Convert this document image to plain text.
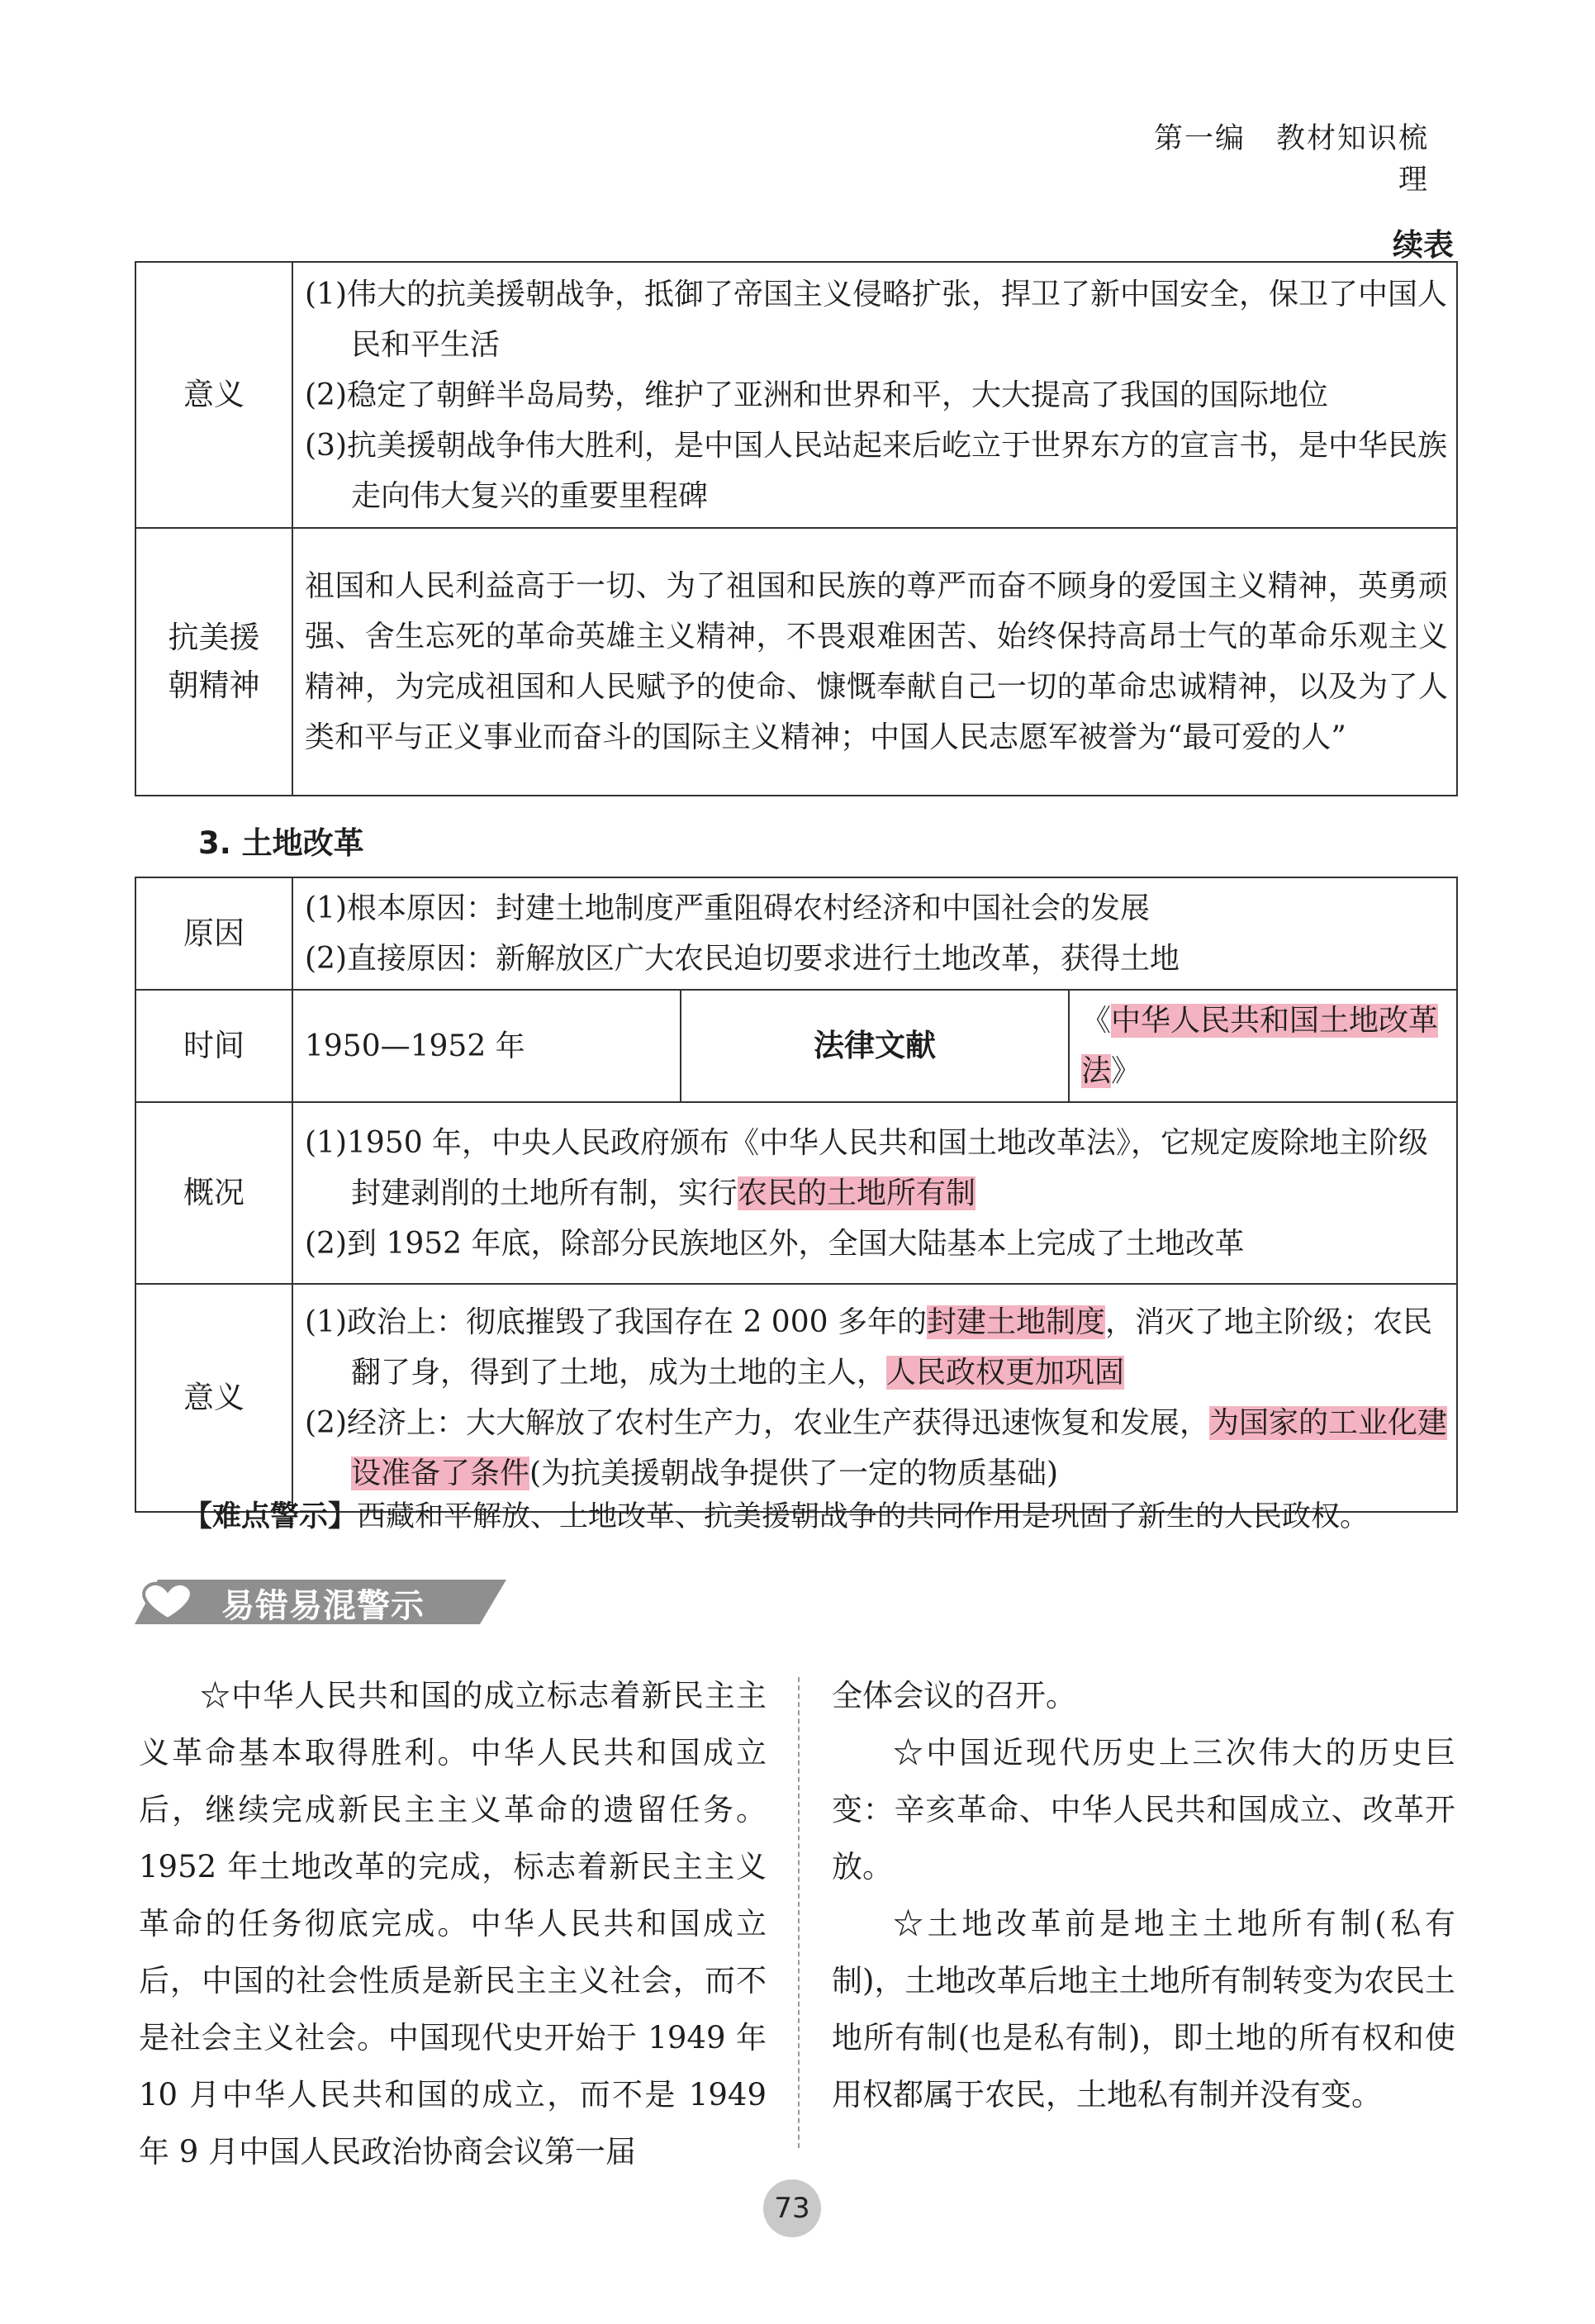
第一编　教材知识梳理
续表
意义	(1)伟大的抗美援朝战争，抵御了帝国主义侵略扩张，捍卫了新中国安全，保卫了中国人民和平生活
(2)稳定了朝鲜半岛局势，维护了亚洲和世界和平，大大提高了我国的国际地位
(3)抗美援朝战争伟大胜利，是中国人民站起来后屹立于世界东方的宣言书，是中华民族走向伟大复兴的重要里程碑

抗美援
朝精神	祖国和人民利益高于一切、为了祖国和民族的尊严而奋不顾身的爱国主义精神，英勇顽强、舍生忘死的革命英雄主义精神，不畏艰难困苦、始终保持高昂士气的革命乐观主义精神，为完成祖国和人民赋予的使命、慷慨奉献自己一切的革命忠诚精神，以及为了人类和平与正义事业而奋斗的国际主义精神；中国人民志愿军被誉为“最可爱的人”
3. 土地改革
原因	(1)根本原因：封建土地制度严重阻碍农村经济和中国社会的发展
(2)直接原因：新解放区广大农民迫切要求进行土地改革，获得土地		

时间	1950—1952 年	法律文献	《中华人民共和国土地改革法》
概况	(1)1950 年，中央人民政府颁布《中华人民共和国土地改革法》，它规定废除地主阶级封建剥削的土地所有制，实行农民的土地所有制
(2)到 1952 年底，除部分民族地区外，全国大陆基本上完成了土地改革		

意义	(1)政治上：彻底摧毁了我国存在 2 000 多年的封建土地制度，消灭了地主阶级；农民翻了身，得到了土地，成为土地的主人，人民政权更加巩固
(2)经济上：大大解放了农村生产力，农业生产获得迅速恢复和发展，为国家的工业化建设准备了条件(为抗美援朝战争提供了一定的物质基础)		
【难点警示】西藏和平解放、土地改革、抗美援朝战争的共同作用是巩固了新生的人民政权。
易错易混警示

☆中华人民共和国的成立标志着新民主主义革命基本取得胜利。中华人民共和国成立后，继续完成新民主主义革命的遗留任务。1952 年土地改革的完成，标志着新民主主义革命的任务彻底完成。中华人民共和国成立后，中国的社会性质是新民主主义社会，而不是社会主义社会。中国现代史开始于 1949 年 10 月中华人民共和国的成立，而不是 1949 年 9 月中国人民政治协商会议第一届

全体会议的召开。

☆中国近现代历史上三次伟大的历史巨变：辛亥革命、中华人民共和国成立、改革开放。

☆土地改革前是地主土地所有制(私有制)，土地改革后地主土地所有制转变为农民土地所有制(也是私有制)，即土地的所有权和使用权都属于农民，土地私有制并没有变。

73
